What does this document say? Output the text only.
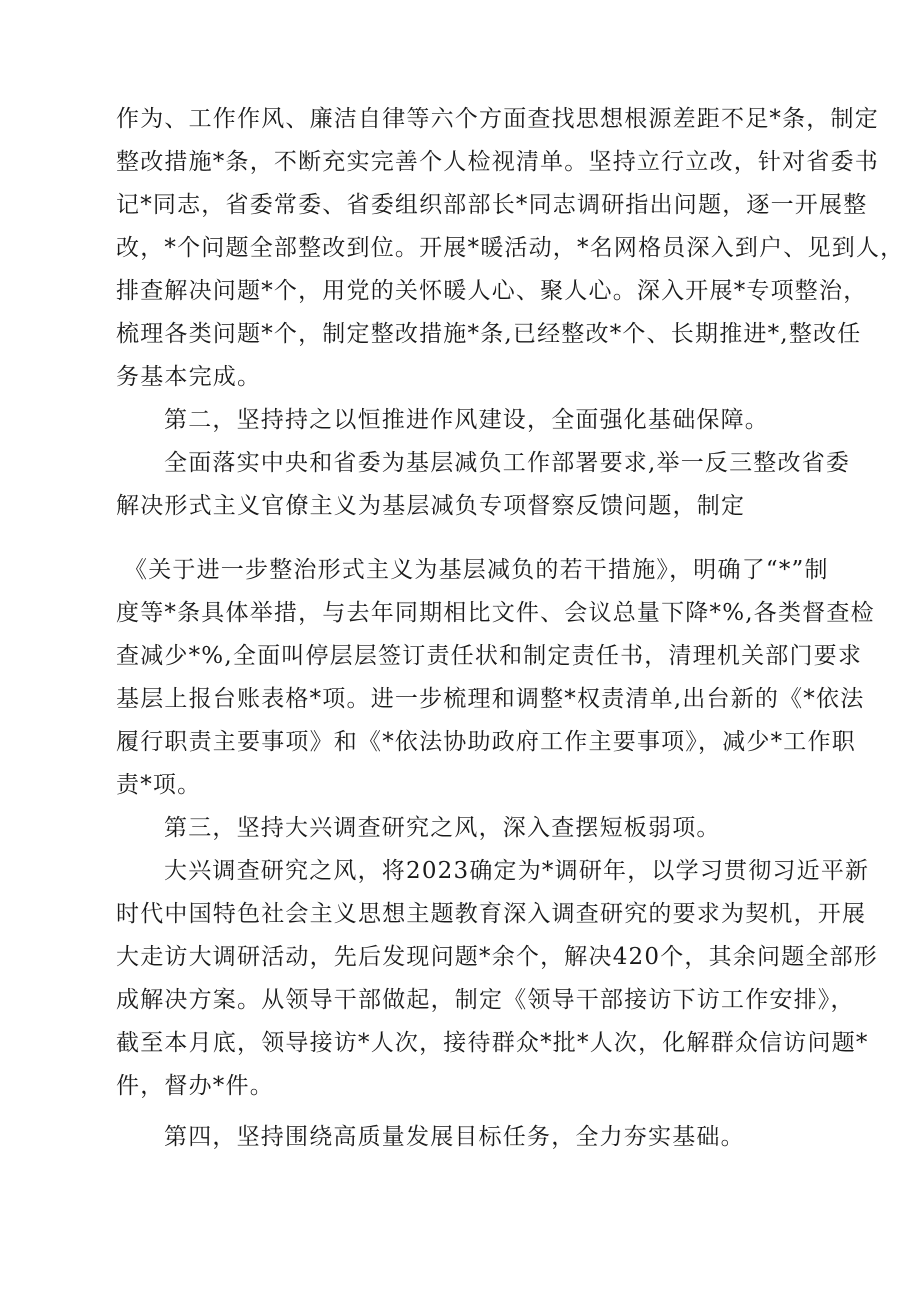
作为、工作作风、廉洁自律等六个方面查找思想根源差距不足*条，制定
整改措施*条，不断充实完善个人检视清单。坚持立行立改，针对省委书
记*同志，省委常委、省委组织部部长*同志调研指出问题，逐一开展整
改，*个问题全部整改到位。开展*暖活动，*名网格员深入到户、见到人，
排查解决问题*个，用党的关怀暖人心、聚人心。深入开展*专项整治，
梳理各类问题*个，制定整改措施*条,已经整改*个、长期推进*,整改任
务基本完成。
第二，坚持持之以恒推进作风建设，全面强化基础保障。
全面落实中央和省委为基层减负工作部署要求,举一反三整改省委
解决形式主义官僚主义为基层减负专项督察反馈问题，制定
《关于进一步整治形式主义为基层减负的若干措施》，明确了“*”制
度等*条具体举措，与去年同期相比文件、会议总量下降*%,各类督查检
查减少*%,全面叫停层层签订责任状和制定责任书，清理机关部门要求
基层上报台账表格*项。进一步梳理和调整*权责清单,出台新的《*依法
履行职责主要事项》和《*依法协助政府工作主要事项》，减少*工作职
责*项。
第三，坚持大兴调查研究之风，深入查摆短板弱项。
大兴调查研究之风，将2023确定为*调研年，以学习贯彻习近平新
时代中国特色社会主义思想主题教育深入调查研究的要求为契机，开展
大走访大调研活动，先后发现问题*余个，解决420个，其余问题全部形
成解决方案。从领导干部做起，制定《领导干部接访下访工作安排》，
截至本月底，领导接访*人次，接待群众*批*人次，化解群众信访问题*
件，督办*件。
第四，坚持围绕高质量发展目标任务，全力夯实基础。
